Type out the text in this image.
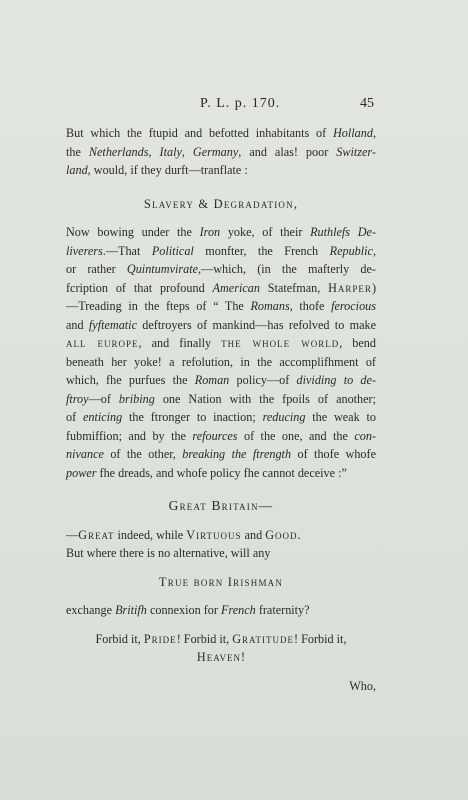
P. L. p. 170.	45
But which the ftupid and befotted inhabitants of Holland,
the Netherlands, Italy, Germany, and alas! poor Switzer-
land, would, if they durft—tranflate :
Slavery & Degradation,
Now bowing under the Iron yoke, of their Ruthlefs De-
liverers.—That Political monfter, the French Republic,
or rather Quintumvirate,—which, (in the mafterly de-
fcription of that profound American Statefman, Harper)
—Treading in the fteps of “ The Romans, thofe ferocious
and fyftematic deftroyers of mankind—has refolved to make
all europe, and finally the whole world, bend
beneath her yoke! a refolution, in the accomplifhment of
which, fhe purfues the Roman policy—of dividing to de-
ftroy—of bribing one Nation with the fpoils of another;
of enticing the ftronger to inaction; reducing the weak to
fubmiffion; and by the refources of the one, and the con-
nivance of the other, breaking the ftrength of thofe whofe
power fhe dreads, and whofe policy fhe cannot deceive :”
Great Britain—
—Great indeed, while Virtuous and Good.
But where there is no alternative, will any
True born Irishman
exchange Britifh connexion for French fraternity?
Forbid it, Pride! Forbid it, Gratitude! Forbid it,
Heaven!
Who,
